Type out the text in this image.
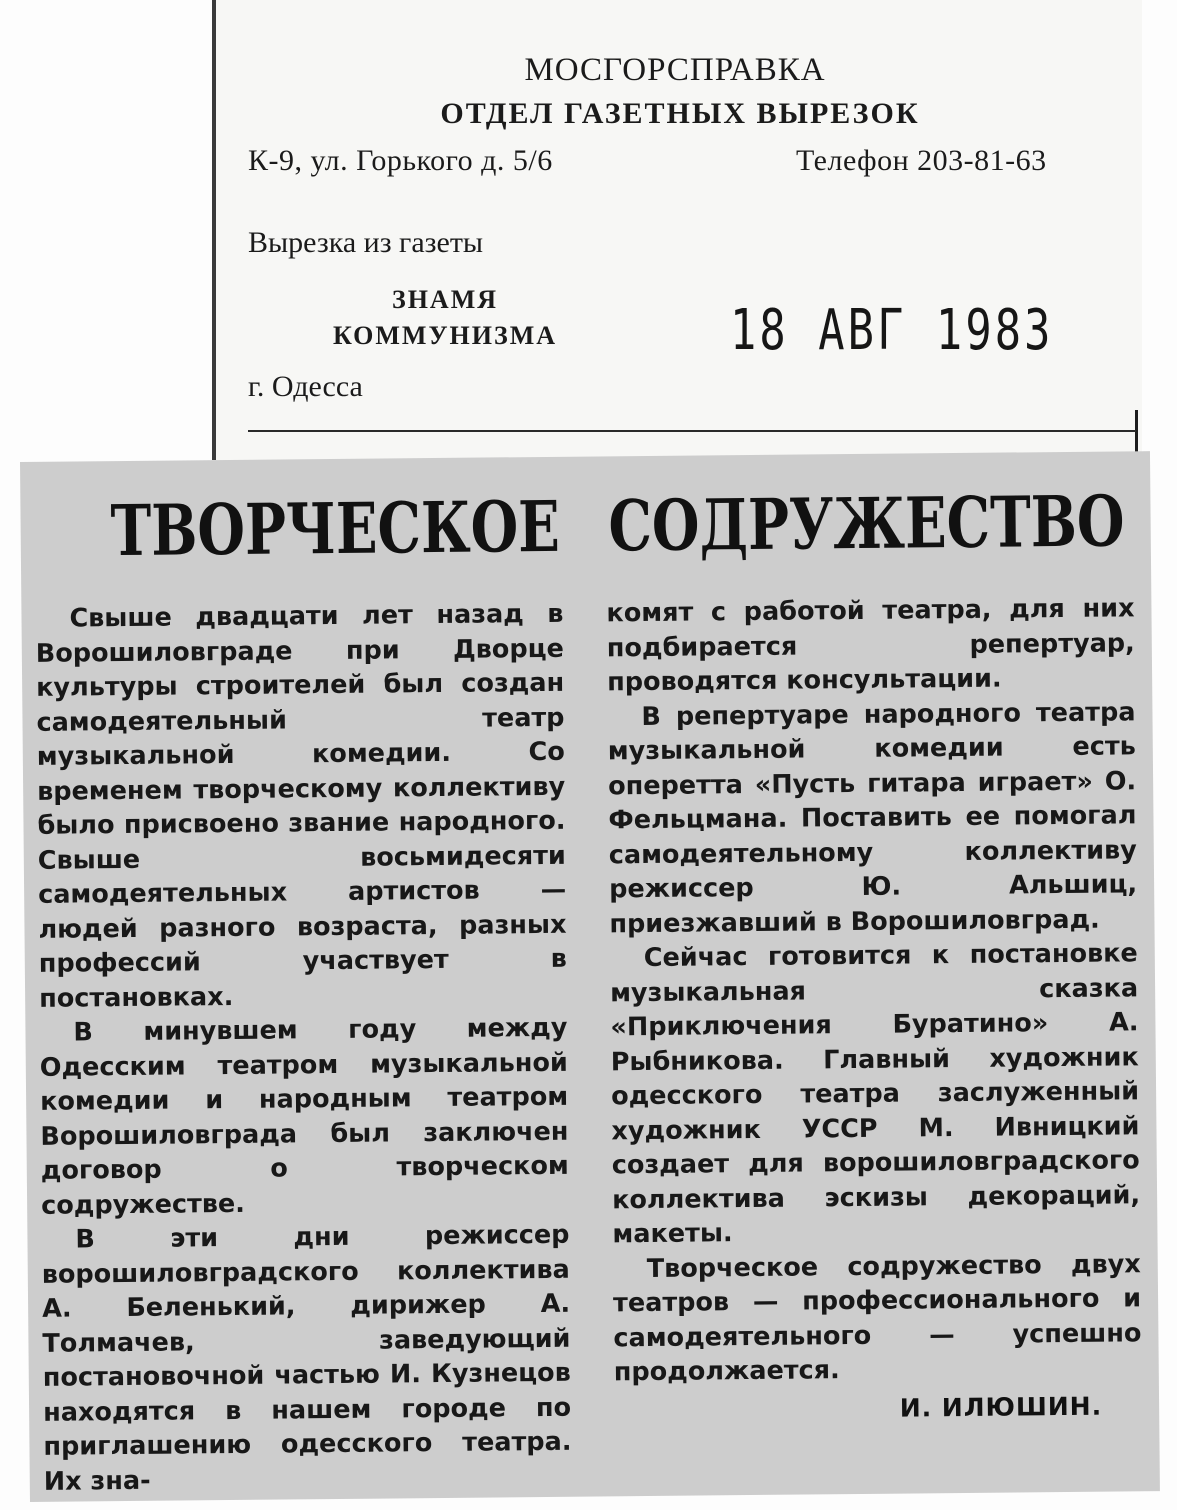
МОСГОРСПРАВКА
ОТДЕЛ ГАЗЕТНЫХ ВЫРЕЗОК
К-9, ул. Горького д. 5/6	Телефон 203-81-63
Вырезка из газеты
ЗНАМЯ
КОММУНИЗМА	18 АВГ 1983
г. Одесса
ТВОРЧЕСКОЕ СОДРУЖЕСТВО

Свыше двадцати лет назад в Ворошиловграде при Дворце культуры строителей был создан самодеятельный театр музыкальной комедии. Со временем творческому коллективу было присвоено звание народного. Свыше восьмидесяти самодеятельных артистов — людей разного возраста, разных профессий участвует в постановках.

В минувшем году между Одесским театром музыкальной комедии и народным театром Ворошиловграда был заключен договор о творческом содружестве.

В эти дни режиссер ворошиловградского коллектива А. Беленький, дирижер А. Толмачев, заведующий постановочной частью И. Кузнецов находятся в нашем городе по приглашению одесского театра. Их зна-

комят с работой театра, для них подбирается репертуар, проводятся консультации.

В репертуаре народного театра музыкальной комедии есть оперетта «Пусть гитара играет» О. Фельцмана. Поставить ее помогал самодеятельному коллективу режиссер Ю. Альшиц, приезжавший в Ворошиловград.

Сейчас готовится к постановке музыкальная сказка «Приключения Буратино» А. Рыбникова. Главный художник одесского театра заслуженный художник УССР М. Ивницкий создает для ворошиловградского коллектива эскизы декораций, макеты.

Творческое содружество двух театров — профессионального и самодеятельного — успешно продолжается.

И. ИЛЮШИН.
